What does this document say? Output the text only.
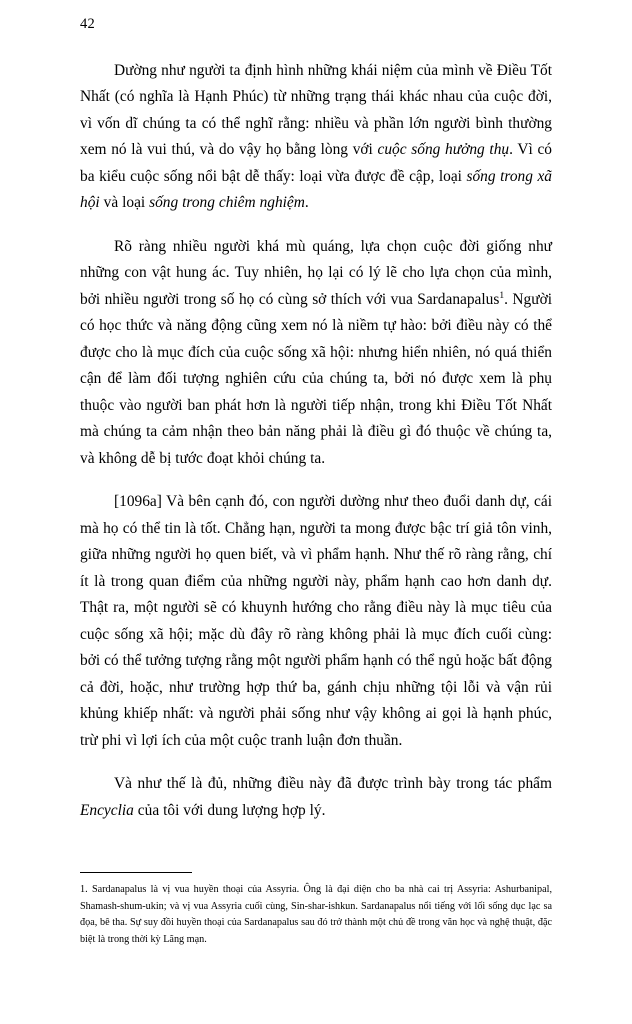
42

Dường như người ta định hình những khái niệm của mình về Điều Tốt Nhất (có nghĩa là Hạnh Phúc) từ những trạng thái khác nhau của cuộc đời, vì vốn dĩ chúng ta có thể nghĩ rằng: nhiều và phần lớn người bình thường xem nó là vui thú, và do vậy họ bằng lòng với cuộc sống hưởng thụ. Vì có ba kiểu cuộc sống nổi bật dễ thấy: loại vừa được đề cập, loại sống trong xã hội và loại sống trong chiêm nghiệm.

Rõ ràng nhiều người khá mù quáng, lựa chọn cuộc đời giống như những con vật hung ác. Tuy nhiên, họ lại có lý lẽ cho lựa chọn của mình, bởi nhiều người trong số họ có cùng sở thích với vua Sardanapalus$^1$. Người có học thức và năng động cũng xem nó là niềm tự hào: bởi điều này có thể được cho là mục đích của cuộc sống xã hội: nhưng hiển nhiên, nó quá thiển cận để làm đối tượng nghiên cứu của chúng ta, bởi nó được xem là phụ thuộc vào người ban phát hơn là người tiếp nhận, trong khi Điều Tốt Nhất mà chúng ta cảm nhận theo bản năng phải là điều gì đó thuộc về chúng ta, và không dễ bị tước đoạt khỏi chúng ta.

[1096a] Và bên cạnh đó, con người dường như theo đuổi danh dự, cái mà họ có thể tin là tốt. Chẳng hạn, người ta mong được bậc trí giả tôn vinh, giữa những người họ quen biết, và vì phẩm hạnh. Như thế rõ ràng rằng, chí ít là trong quan điểm của những người này, phẩm hạnh cao hơn danh dự. Thật ra, một người sẽ có khuynh hướng cho rằng điều này là mục tiêu của cuộc sống xã hội; mặc dù đây rõ ràng không phải là mục đích cuối cùng: bởi có thể tưởng tượng rằng một người phẩm hạnh có thể ngủ hoặc bất động cả đời, hoặc, như trường hợp thứ ba, gánh chịu những tội lỗi và vận rủi khủng khiếp nhất: và người phải sống như vậy không ai gọi là hạnh phúc, trừ phi vì lợi ích của một cuộc tranh luận đơn thuần.

Và như thế là đủ, những điều này đã được trình bày trong tác phẩm Encyclia của tôi với dung lượng hợp lý.

1. Sardanapalus là vị vua huyền thoại của Assyria. Ông là đại diện cho ba nhà cai trị Assyria: Ashurbanipal, Shamash-shum-ukin; và vị vua Assyria cuối cùng, Sin-shar-ishkun. Sardanapalus nổi tiếng với lối sống dục lạc sa đọa, bê tha. Sự suy đồi huyền thoại của Sardanapalus sau đó trở thành một chủ đề trong văn học và nghệ thuật, đặc biệt là trong thời kỳ Lãng mạn.
